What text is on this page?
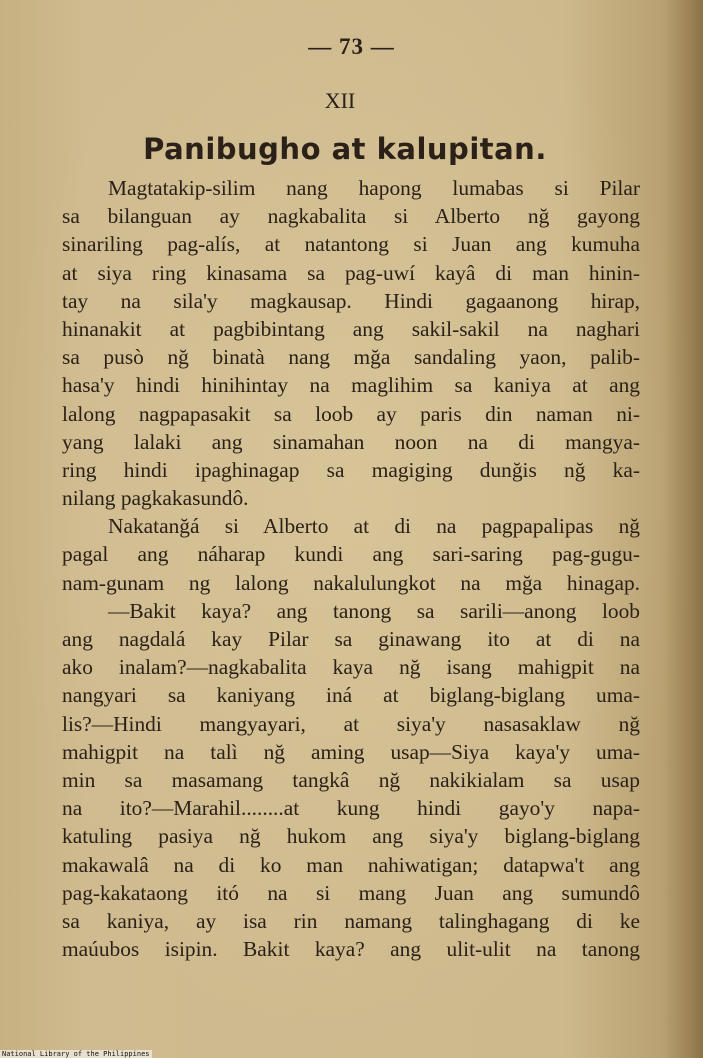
— 73 —
XII
Panibugho at kalupitan.
Magtatakip-silim nang hapong lumabas si Pilar
sa bilanguan ay nagkabalita si Alberto nğ gayong
sinariling pag-alís, at natantong si Juan ang kumuha
at siya ring kinasama sa pag-uwí kayâ di man hinin-
tay na sila'y magkausap. Hindi gagaanong hirap,
hinanakit at pagbibintang ang sakil-sakil na naghari
sa pusò nğ binatà nang mğa sandaling yaon, palib-
hasa'y hindi hinihintay na maglihim sa kaniya at ang
lalong nagpapasakit sa loob ay paris din naman ni-
yang lalaki ang sinamahan noon na di mangya-
ring hindi ipaghinagap sa magiging dunğis nğ ka-
nilang pagkakasundô.
Nakatanğá si Alberto at di na pagpapalipas nğ
pagal ang náharap kundi ang sari-saring pag-gugu-
nam-gunam ng lalong nakalulungkot na mğa hinagap.
—Bakit kaya? ang tanong sa sarili—anong loob
ang nagdalá kay Pilar sa ginawang ito at di na
ako inalam?—nagkabalita kaya nğ isang mahigpit na
nangyari sa kaniyang iná at biglang-biglang uma-
lis?—Hindi mangyayari, at siya'y nasasaklaw nğ
mahigpit na talì nğ aming usap—Siya kaya'y uma-
min sa masamang tangkâ nğ nakikialam sa usap
na ito?—Marahil........at kung hindi gayo'y napa-
katuling pasiya nğ hukom ang siya'y biglang-biglang
makawalâ na di ko man nahiwatigan; datapwa't ang
pag-kakataong itó na si mang Juan ang sumundô
sa kaniya, ay isa rin namang talinghagang di ke
maúubos isipin. Bakit kaya? ang ulit-ulit na tanong
National Library of the Philippines
